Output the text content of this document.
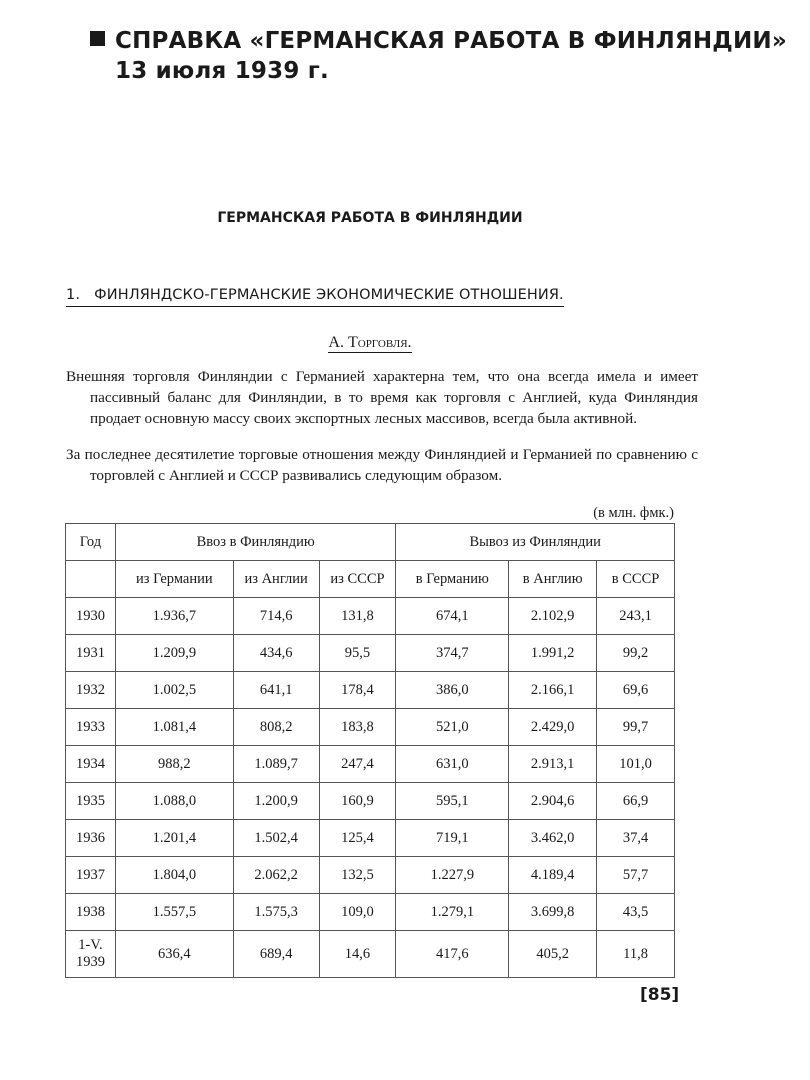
СПРАВКА «ГЕРМАНСКАЯ РАБОТА В ФИНЛЯНДИИ»
13 июля 1939 г.
ГЕРМАНСКАЯ РАБОТА В ФИНЛЯНДИИ
1.   ФИНЛЯНДСКО-ГЕРМАНСКИЕ ЭКОНОМИЧЕСКИЕ ОТНОШЕНИЯ.
А. Торговля.

Внешняя торговля Финляндии с Германией характерна тем, что она всегда имела и имеет пассивный баланс для Финляндии, в то время как торговля с Англией, куда Финляндия продает основную массу своих экспортных лесных массивов, всегда была активной.

За последнее десятилетие торговые отношения между Финляндией и Германией по сравнению с торговлей с Англией и СССР развивались следующим образом.

(в млн. фмк.)
Год	Ввоз в Финляндию			Вывоз из Финляндии		
	из Германии	из Англии	из СССР	в Германию	в Англию	в СССР
1930	1.936,7	714,6	131,8	674,1	2.102,9	243,1
1931	1.209,9	434,6	95,5	374,7	1.991,2	99,2
1932	1.002,5	641,1	178,4	386,0	2.166,1	69,6
1933	1.081,4	808,2	183,8	521,0	2.429,0	99,7
1934	988,2	1.089,7	247,4	631,0	2.913,1	101,0
1935	1.088,0	1.200,9	160,9	595,1	2.904,6	66,9
1936	1.201,4	1.502,4	125,4	719,1	3.462,0	37,4
1937	1.804,0	2.062,2	132,5	1.227,9	4.189,4	57,7
1938	1.557,5	1.575,3	109,0	1.279,1	3.699,8	43,5

1-V.
1939	636,4	689,4	14,6	417,6	405,2	11,8
[85]
